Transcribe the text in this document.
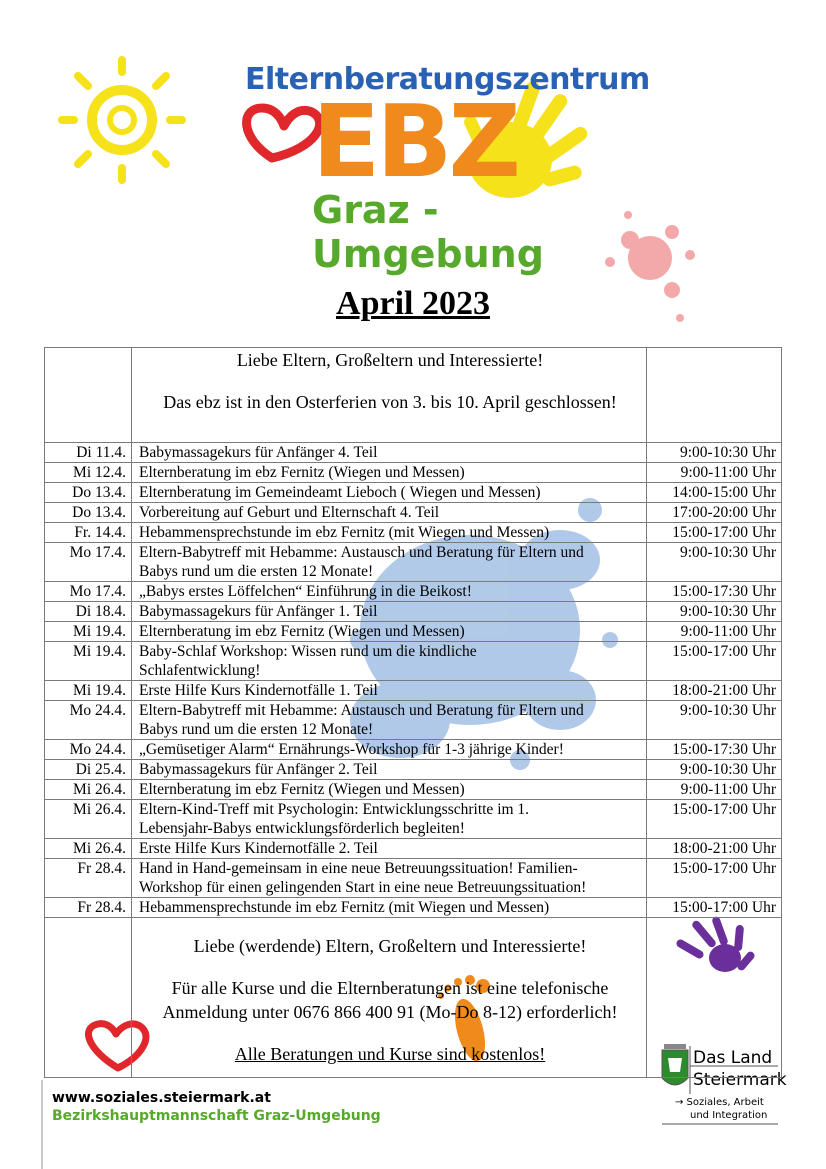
Elternberatungszentrum
EBZ
Graz -
Umgebung
April 2023

	Liebe Eltern, Großeltern und Interessierte!

Das ebz ist in den Osterferien von 3. bis 10. April geschlossen!	

Di 11.4.	Babymassagekurs für Anfänger 4. Teil	9:00-10:30 Uhr
Mi 12.4.	Elternberatung im ebz Fernitz (Wiegen und Messen)	9:00-11:00 Uhr
Do 13.4.	Elternberatung im Gemeindeamt Lieboch ( Wiegen und Messen)	14:00-15:00 Uhr
Do 13.4.	Vorbereitung auf Geburt und Elternschaft 4. Teil	17:00-20:00 Uhr
Fr. 14.4.	Hebammensprechstunde im ebz Fernitz (mit Wiegen und Messen)	15:00-17:00 Uhr
Mo 17.4.	Eltern-Babytreff mit Hebamme: Austausch und Beratung für Eltern und
Babys rund um die ersten 12 Monate!	9:00-10:30 Uhr
Mo 17.4.	„Babys erstes Löffelchen“ Einführung in die Beikost!	15:00-17:30 Uhr
Di 18.4.	Babymassagekurs für Anfänger 1. Teil	9:00-10:30 Uhr
Mi 19.4.	Elternberatung im ebz Fernitz (Wiegen und Messen)	9:00-11:00 Uhr
Mi 19.4.	Baby-Schlaf Workshop: Wissen rund um die kindliche
Schlafentwicklung!	15:00-17:00 Uhr
Mi 19.4.	Erste Hilfe Kurs Kindernotfälle 1. Teil	18:00-21:00 Uhr
Mo 24.4.	Eltern-Babytreff mit Hebamme: Austausch und Beratung für Eltern und
Babys rund um die ersten 12 Monate!	9:00-10:30 Uhr
Mo 24.4.	„Gemüsetiger Alarm“ Ernährungs-Workshop für 1-3 jährige Kinder!	15:00-17:30 Uhr
Di 25.4.	Babymassagekurs für Anfänger 2. Teil	9:00-10:30 Uhr
Mi 26.4.	Elternberatung im ebz Fernitz (Wiegen und Messen)	9:00-11:00 Uhr
Mi 26.4.	Eltern-Kind-Treff mit Psychologin: Entwicklungsschritte im 1.
Lebensjahr-Babys entwicklungsförderlich begleiten!	15:00-17:00 Uhr
Mi 26.4.	Erste Hilfe Kurs Kindernotfälle 2. Teil	18:00-21:00 Uhr
Fr 28.4.	Hand in Hand-gemeinsam in eine neue Betreuungssituation! Familien-
Workshop für einen gelingenden Start in eine neue Betreuungssituation!	15:00-17:00 Uhr
Fr 28.4.	Hebammensprechstunde im ebz Fernitz (mit Wiegen und Messen)	15:00-17:00 Uhr

	Liebe (werdende) Eltern, Großeltern und Interessierte!

Für alle Kurse und die Elternberatungen ist eine telefonische

Anmeldung unter 0676 866 400 91 (Mo-Do 8-12) erforderlich!

Alle Beratungen und Kurse sind kostenlos!	

www.soziales.steiermark.at
Bezirkshauptmannschaft Graz-Umgebung
Das Land
Steiermark
→ Soziales, Arbeit
und Integration
